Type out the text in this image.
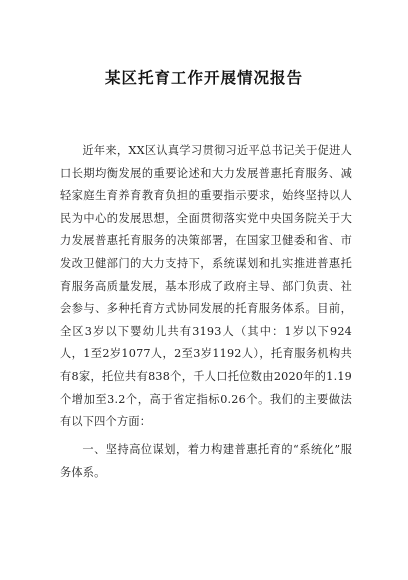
某区托育工作开展情况报告

近年来，XX区认真学习贯彻习近平总书记关于促进人口长期均衡发展的重要论述和大力发展普惠托育服务、减轻家庭生育养育教育负担的重要指示要求，始终坚持以人民为中心的发展思想，全面贯彻落实党中央国务院关于大力发展普惠托育服务的决策部署，在国家卫健委和省、市发改卫健部门的大力支持下，系统谋划和扎实推进普惠托育服务高质量发展，基本形成了政府主导、部门负责、社会参与、多种托育方式协同发展的托育服务体系。目前，全区3岁以下婴幼儿共有3193人（其中：1岁以下924人，1至2岁1077人，2至3岁1192人），托育服务机构共有8家，托位共有838个，千人口托位数由2020年的1.19个增加至3.2个，高于省定指标0.26个。我们的主要做法有以下四个方面：

一、坚持高位谋划，着力构建普惠托育的“系统化”服务体系。
